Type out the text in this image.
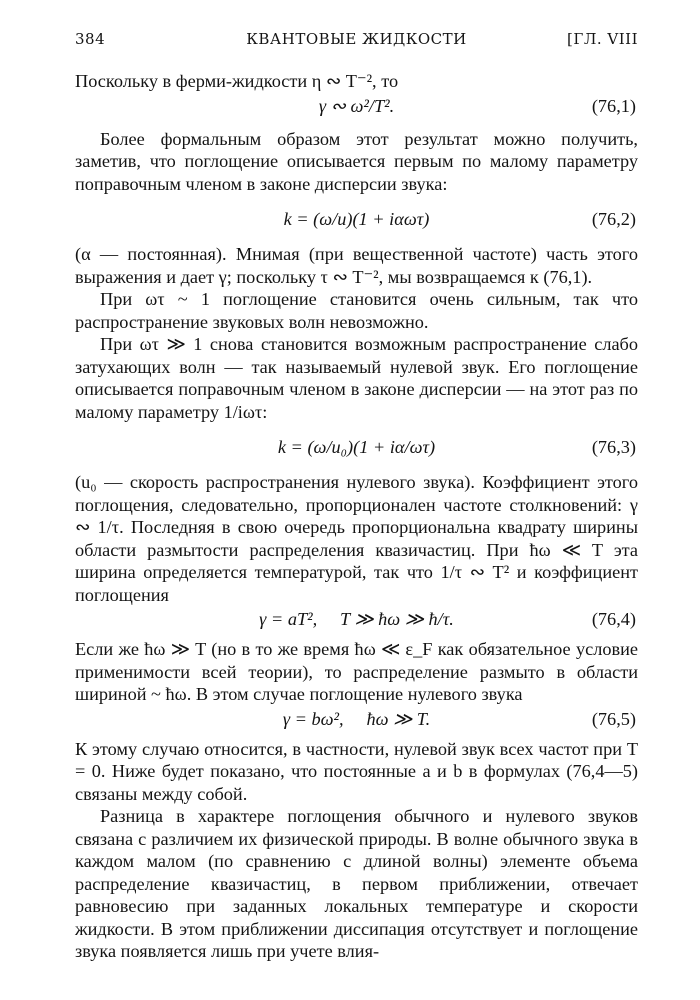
384	КВАНТОВЫЕ ЖИДКОСТИ	[ГЛ. VIII

Поскольку в ферми-жидкости η ∾ T⁻², то

γ ∾ ω²/T².	(76,1)

Более формальным образом этот результат можно получить, заметив, что поглощение описывается первым по малому параметру поправочным членом в законе дисперсии звука:

k = (ω/u)(1 + iαωτ)	(76,2)

(α — постоянная). Мнимая (при вещественной частоте) часть этого выражения и дает γ; поскольку τ ∾ T⁻², мы возвращаемся к (76,1).

При ωτ ~ 1 поглощение становится очень сильным, так что распространение звуковых волн невозможно.

При ωτ ≫ 1 снова становится возможным распространение слабо затухающих волн — так называемый нулевой звук. Его поглощение описывается поправочным членом в законе дисперсии — на этот раз по малому параметру 1/iωτ:

k = (ω/u₀)(1 + iα/ωτ)	(76,3)

(u₀ — скорость распространения нулевого звука). Коэффициент этого поглощения, следовательно, пропорционален частоте столкновений: γ ∾ 1/τ. Последняя в свою очередь пропорциональна квадрату ширины области размытости распределения квазичастиц. При ħω ≪ T эта ширина определяется температурой, так что 1/τ ∾ T² и коэффициент поглощения

γ = aT²,     T ≫ ħω ≫ ħ/τ.	(76,4)

Если же ħω ≫ T (но в то же время ħω ≪ ε_F как обязательное условие применимости всей теории), то распределение размыто в области шириной ~ ħω. В этом случае поглощение нулевого звука

γ = bω²,     ħω ≫ T.	(76,5)

К этому случаю относится, в частности, нулевой звук всех частот при T = 0. Ниже будет показано, что постоянные a и b в формулах (76,4—5) связаны между собой.

Разница в характере поглощения обычного и нулевого звуков связана с различием их физической природы. В волне обычного звука в каждом малом (по сравнению с длиной волны) элементе объема распределение квазичастиц, в первом приближении, отвечает равновесию при заданных локальных температуре и скорости жидкости. В этом приближении диссипация отсутствует и поглощение звука появляется лишь при учете влия-
